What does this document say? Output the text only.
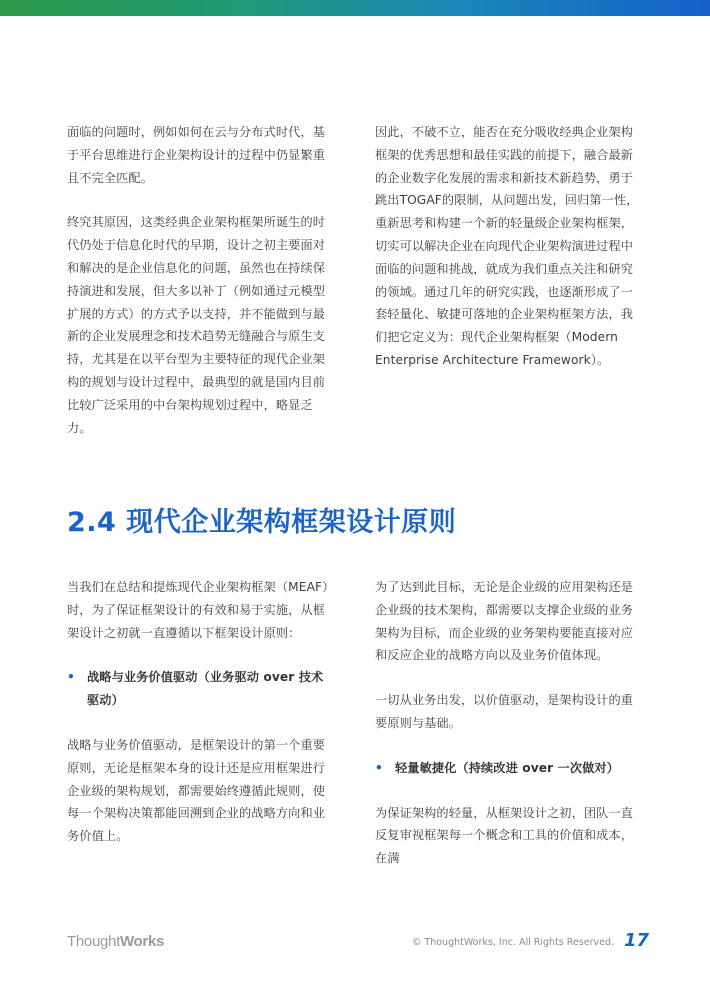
面临的问题时，例如如何在云与分布式时代，基于平台思维进行企业架构设计的过程中仍显繁重且不完全匹配。

终究其原因，这类经典企业架构框架所诞生的时代仍处于信息化时代的早期，设计之初主要面对和解决的是企业信息化的问题，虽然也在持续保持演进和发展，但大多以补丁（例如通过元模型扩展的方式）的方式予以支持，并不能做到与最新的企业发展理念和技术趋势无缝融合与原生支持，尤其是在以平台型为主要特征的现代企业架构的规划与设计过程中，最典型的就是国内目前比较广泛采用的中台架构规划过程中，略显乏力。

因此，不破不立，能否在充分吸收经典企业架构框架的优秀思想和最佳实践的前提下，融合最新的企业数字化发展的需求和新技术新趋势，勇于跳出TOGAF的限制，从问题出发，回归第一性，重新思考和构建一个新的轻量级企业架构框架，切实可以解决企业在向现代企业架构演进过程中面临的问题和挑战，就成为我们重点关注和研究的领域。通过几年的研究实践，也逐渐形成了一套轻量化、敏捷可落地的企业架构框架方法，我们把它定义为：现代企业架构框架（Modern Enterprise Architecture Framework）。

2.4 现代企业架构框架设计原则

当我们在总结和提炼现代企业架构框架（MEAF）时，为了保证框架设计的有效和易于实施，从框架设计之初就一直遵循以下框架设计原则：

• 战略与业务价值驱动（业务驱动 over 技术驱动）

战略与业务价值驱动，是框架设计的第一个重要原则，无论是框架本身的设计还是应用框架进行企业级的架构规划，都需要始终遵循此规则，使每一个架构决策都能回溯到企业的战略方向和业务价值上。

为了达到此目标，无论是企业级的应用架构还是企业级的技术架构，都需要以支撑企业级的业务架构为目标，而企业级的业务架构要能直接对应和反应企业的战略方向以及业务价值体现。

一切从业务出发，以价值驱动，是架构设计的重要原则与基础。

• 轻量敏捷化（持续改进 over 一次做对）

为保证架构的轻量，从框架设计之初，团队一直反复审视框架每一个概念和工具的价值和成本，在满

ThoughtWorks	© ThoughtWorks, Inc. All Rights Reserved. 17
